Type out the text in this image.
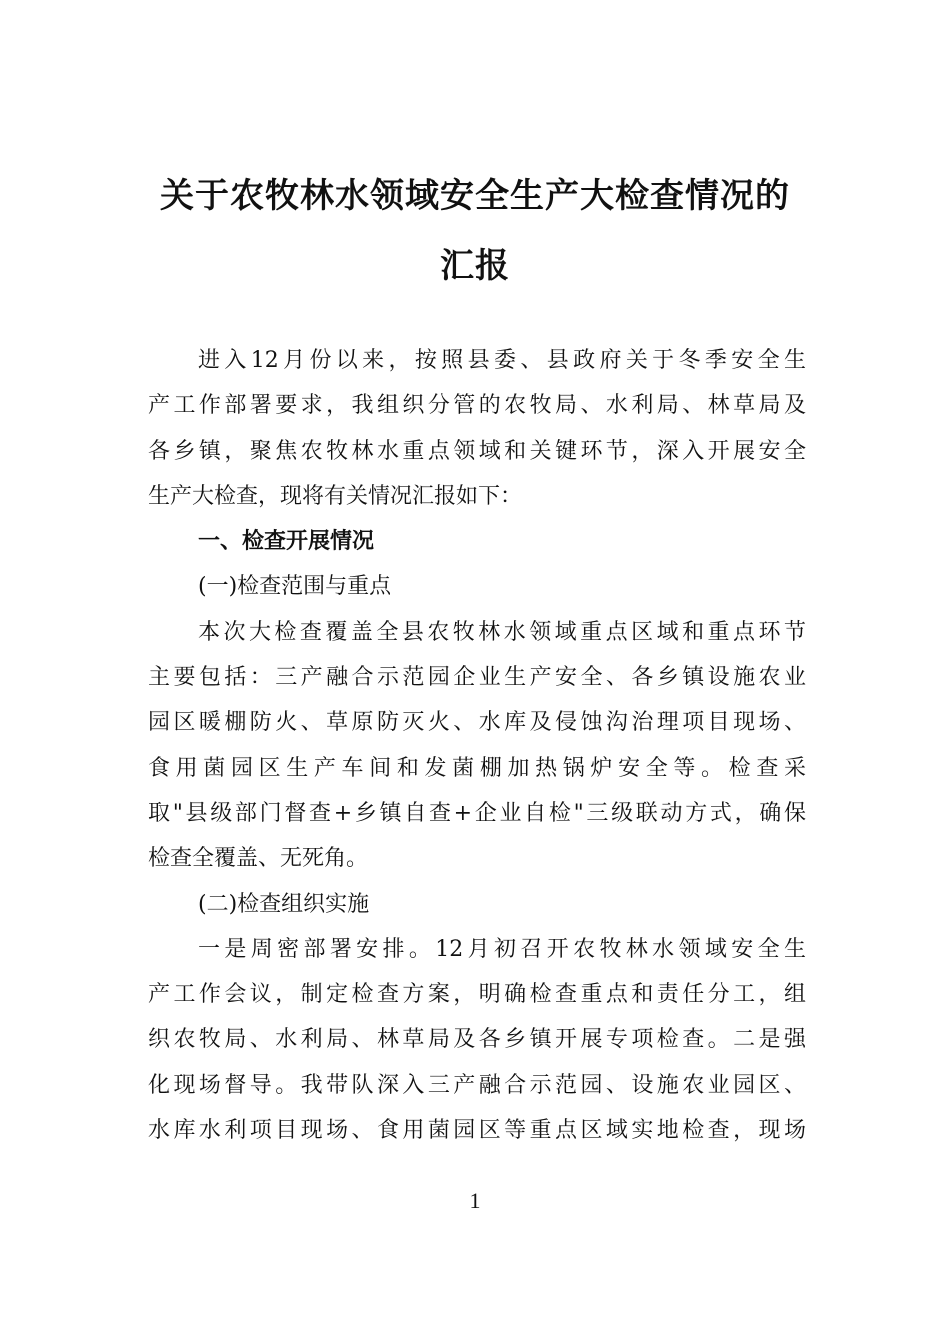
关于农牧林水领域安全生产大检查情况的
汇报
进入12月份以来，按照县委、县政府关于冬季安全生
产工作部署要求，我组织分管的农牧局、水利局、林草局及
各乡镇，聚焦农牧林水重点领域和关键环节，深入开展安全
生产大检查，现将有关情况汇报如下：
一、检查开展情况
(一)检查范围与重点
本次大检查覆盖全县农牧林水领域重点区域和重点环节
主要包括：三产融合示范园企业生产安全、各乡镇设施农业
园区暖棚防火、草原防灭火、水库及侵蚀沟治理项目现场、
食用菌园区生产车间和发菌棚加热锅炉安全等。检查采
取"县级部门督查+乡镇自查+企业自检"三级联动方式，确保
检查全覆盖、无死角。
(二)检查组织实施
一是周密部署安排。12月初召开农牧林水领域安全生
产工作会议，制定检查方案，明确检查重点和责任分工，组
织农牧局、水利局、林草局及各乡镇开展专项检查。二是强
化现场督导。我带队深入三产融合示范园、设施农业园区、
水库水利项目现场、食用菌园区等重点区域实地检查，现场
1
